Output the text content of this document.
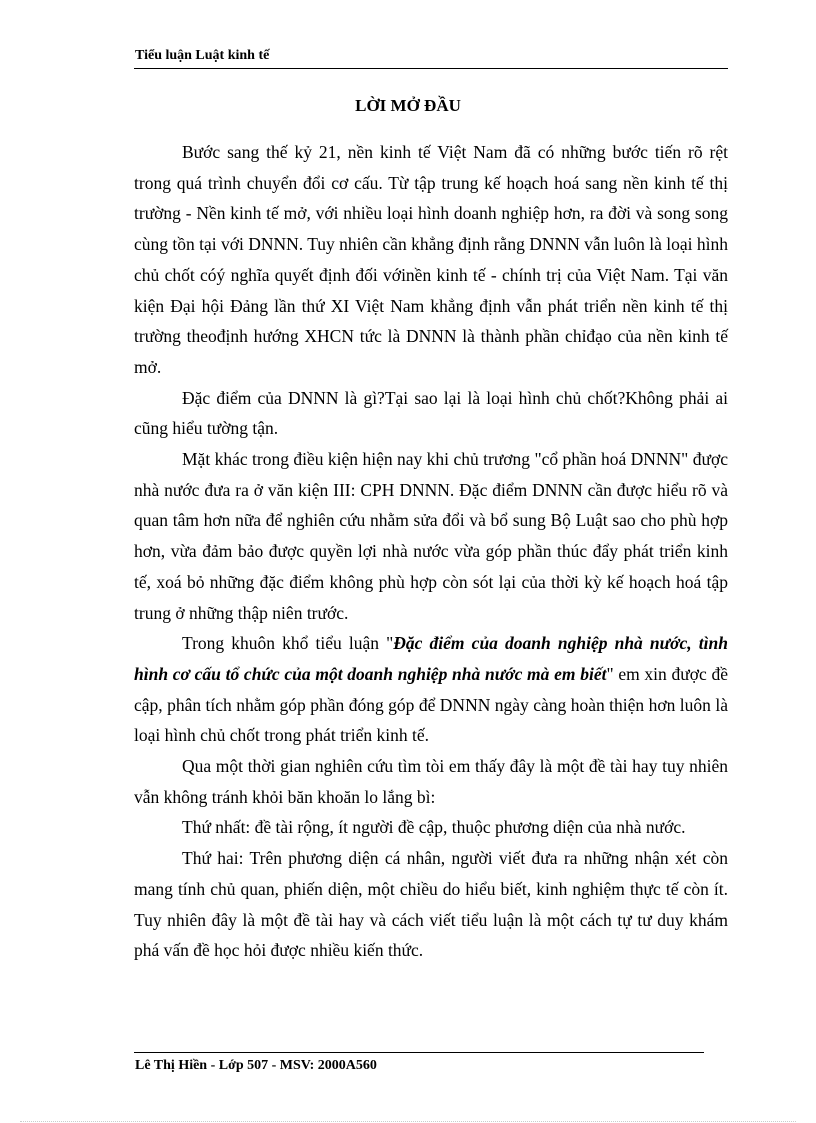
Tiểu luận Luật kinh tế
LỜI MỞ ĐẦU

Bước sang thế kỷ 21, nền kinh tế Việt Nam đã có những bước tiến rõ rệt trong quá trình chuyển đổi cơ cấu. Từ tập trung kế hoạch hoá sang nền kinh tế thị trường - Nền kinh tế mở, với nhiều loại hình doanh nghiệp hơn, ra đời và song song cùng tồn tại với DNNN. Tuy nhiên cần khẳng định rằng DNNN vẫn luôn là loại hình chủ chốt cóý nghĩa quyết định đối vớinền kinh tế - chính trị của Việt Nam. Tại văn kiện Đại hội Đảng lần thứ XI Việt Nam khẳng định vẫn phát triển nền kinh tế thị trường theođịnh hướng XHCN tức là DNNN là thành phần chỉđạo của nền kinh tế mở.

Đặc điểm của DNNN là gì?Tại sao lại là loại hình chủ chốt?Không phải ai cũng hiểu tường tận.

Mặt khác trong điều kiện hiện nay khi chủ trương "cổ phần hoá DNNN" được nhà nước đưa ra ở văn kiện III: CPH DNNN. Đặc điểm DNNN cần được hiểu rõ và quan tâm hơn nữa để nghiên cứu nhằm sửa đổi và bổ sung Bộ Luật sao cho phù hợp hơn, vừa đảm bảo được quyền lợi nhà nước vừa góp phần thúc đẩy phát triển kinh tế, xoá bỏ những đặc điểm không phù hợp còn sót lại của thời kỳ kế hoạch hoá tập trung ở những thập niên trước.

Trong khuôn khổ tiểu luận "Đặc điểm của doanh nghiệp nhà nước, tình hình cơ cấu tổ chức của một doanh nghiệp nhà nước mà em biết" em xin được đề cập, phân tích nhằm góp phần đóng góp để DNNN ngày càng hoàn thiện hơn luôn là loại hình chủ chốt trong phát triển kinh tế.

Qua một thời gian nghiên cứu tìm tòi em thấy đây là một đề tài hay tuy nhiên vẫn không tránh khỏi băn khoăn lo lắng bì:

Thứ nhất: đề tài rộng, ít người đề cập, thuộc phương diện của nhà nước.

Thứ hai: Trên phương diện cá nhân, người viết đưa ra những nhận xét còn mang tính chủ quan, phiến diện, một chiều do hiểu biết, kinh nghiệm thực tế còn ít. Tuy nhiên đây là một đề tài hay và cách viết tiểu luận là một cách tự tư duy khám phá vấn đề học hỏi được nhiều kiến thức.

Lê Thị Hiền - Lớp 507 - MSV: 2000A560
